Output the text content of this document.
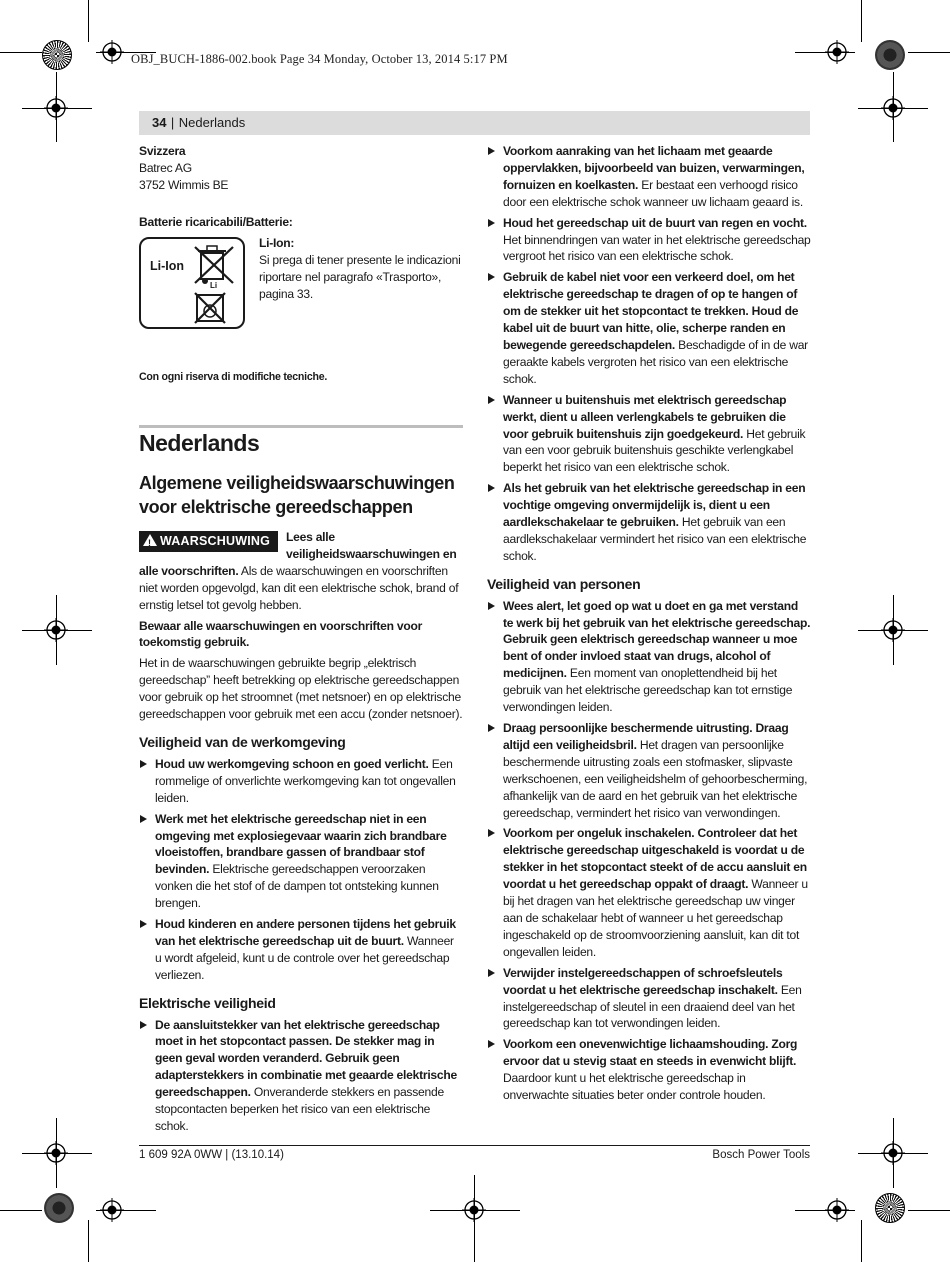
OBJ_BUCH-1886-002.book Page 34 Monday, October 13, 2014 5:17 PM
34 | Nederlands

Svizzera

Batrec AG

3752 Wimmis BE

Batterie ricaricabili/Batterie:

Li-Ion
Li

Li-Ion:

Si prega di tener presente le indicazioni riportare nel paragrafo «Trasporto», pagina 33.

Con ogni riserva di modifiche tecniche.

Nederlands
Algemene veiligheidswaarschuwingen voor elektrische gereedschappen
!WAARSCHUWING	Lees alle veiligheidswaarschuwingen en alle voorschriften. Als de waarschuwingen en voorschriften niet worden opgevolgd, kan dit een elektrische schok, brand of ernstig letsel tot gevolg hebben.

Bewaar alle waarschuwingen en voorschriften voor toekomstig gebruik.

Het in de waarschuwingen gebruikte begrip „elektrisch gereedschap” heeft betrekking op elektrische gereedschappen voor gebruik op het stroomnet (met netsnoer) en op elektrische gereedschappen voor gebruik met een accu (zonder netsnoer).

Veiligheid van de werkomgeving

Houd uw werkomgeving schoon en goed verlicht. Een rommelige of onverlichte werkomgeving kan tot ongevallen leiden.

Werk met het elektrische gereedschap niet in een omgeving met explosiegevaar waarin zich brandbare vloeistoffen, brandbare gassen of brandbaar stof bevinden. Elektrische gereedschappen veroorzaken vonken die het stof of de dampen tot ontsteking kunnen brengen.

Houd kinderen en andere personen tijdens het gebruik van het elektrische gereedschap uit de buurt. Wanneer u wordt afgeleid, kunt u de controle over het gereedschap verliezen.

Elektrische veiligheid

De aansluitstekker van het elektrische gereedschap moet in het stopcontact passen. De stekker mag in geen geval worden veranderd. Gebruik geen adapterstekkers in combinatie met geaarde elektrische gereedschappen. Onveranderde stekkers en passende stopcontacten beperken het risico van een elektrische schok.

Voorkom aanraking van het lichaam met geaarde oppervlakken, bijvoorbeeld van buizen, verwarmingen, fornuizen en koelkasten. Er bestaat een verhoogd risico door een elektrische schok wanneer uw lichaam geaard is.

Houd het gereedschap uit de buurt van regen en vocht. Het binnendringen van water in het elektrische gereedschap vergroot het risico van een elektrische schok.

Gebruik de kabel niet voor een verkeerd doel, om het elektrische gereedschap te dragen of op te hangen of om de stekker uit het stopcontact te trekken. Houd de kabel uit de buurt van hitte, olie, scherpe randen en bewegende gereedschapdelen. Beschadigde of in de war geraakte kabels vergroten het risico van een elektrische schok.

Wanneer u buitenshuis met elektrisch gereedschap werkt, dient u alleen verlengkabels te gebruiken die voor gebruik buitenshuis zijn goedgekeurd. Het gebruik van een voor gebruik buitenshuis geschikte verlengkabel beperkt het risico van een elektrische schok.

Als het gebruik van het elektrische gereedschap in een vochtige omgeving onvermijdelijk is, dient u een aardlekschakelaar te gebruiken. Het gebruik van een aardlekschakelaar vermindert het risico van een elektrische schok.

Veiligheid van personen

Wees alert, let goed op wat u doet en ga met verstand te werk bij het gebruik van het elektrische gereedschap. Gebruik geen elektrisch gereedschap wanneer u moe bent of onder invloed staat van drugs, alcohol of medicijnen. Een moment van onoplettendheid bij het gebruik van het elektrische gereedschap kan tot ernstige verwondingen leiden.

Draag persoonlijke beschermende uitrusting. Draag altijd een veiligheidsbril. Het dragen van persoonlijke beschermende uitrusting zoals een stofmasker, slipvaste werkschoenen, een veiligheidshelm of gehoorbescherming, afhankelijk van de aard en het gebruik van het elektrische gereedschap, vermindert het risico van verwondingen.

Voorkom per ongeluk inschakelen. Controleer dat het elektrische gereedschap uitgeschakeld is voordat u de stekker in het stopcontact steekt of de accu aansluit en voordat u het gereedschap oppakt of draagt. Wanneer u bij het dragen van het elektrische gereedschap uw vinger aan de schakelaar hebt of wanneer u het gereedschap ingeschakeld op de stroomvoorziening aansluit, kan dit tot ongevallen leiden.

Verwijder instelgereedschappen of schroefsleutels voordat u het elektrische gereedschap inschakelt. Een instelgereedschap of sleutel in een draaiend deel van het gereedschap kan tot verwondingen leiden.

Voorkom een onevenwichtige lichaamshouding. Zorg ervoor dat u stevig staat en steeds in evenwicht blijft. Daardoor kunt u het elektrische gereedschap in onverwachte situaties beter onder controle houden.

1 609 92A 0WW | (13.10.14)	Bosch Power Tools
